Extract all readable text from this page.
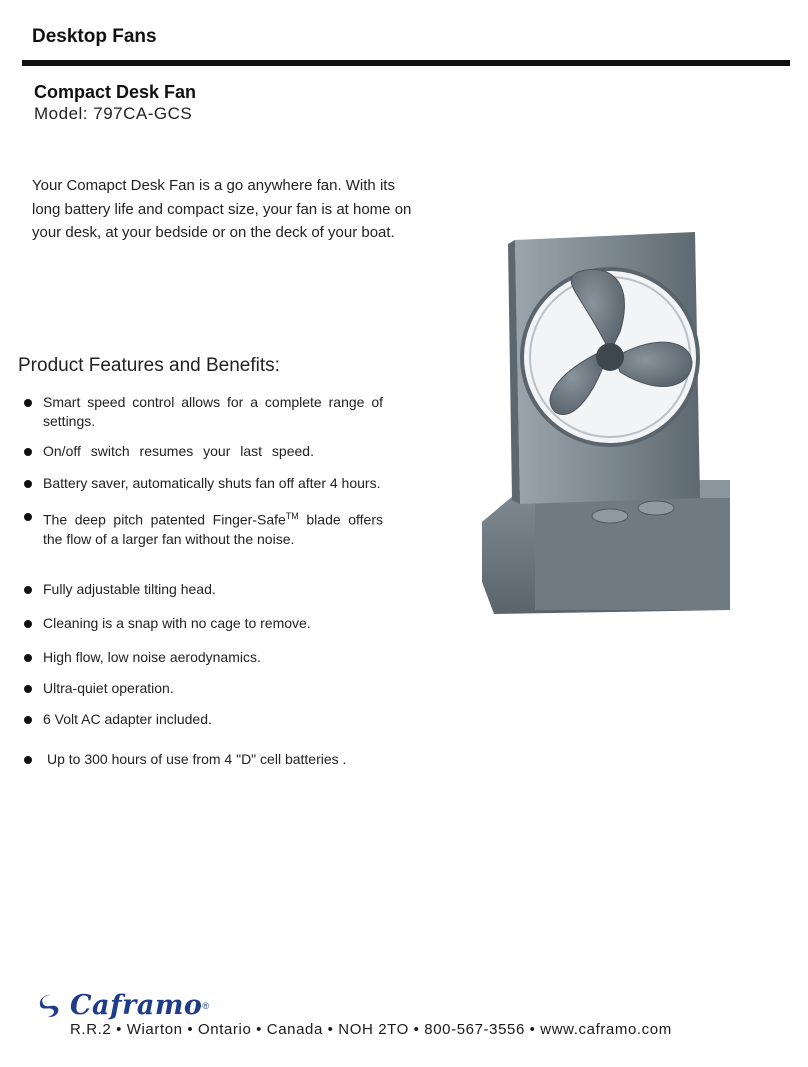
Desktop Fans
Compact Desk Fan
Model: 797CA-GCS
Your Comapct Desk Fan is a go anywhere fan. With its long battery life and compact size, your fan is at home on your desk, at your bedside or on the deck of your boat.
Product Features and Benefits:
Smart speed control allows for a complete range of settings.
On/off switch resumes your last speed.
Battery saver, automatically shuts fan off after 4 hours.
The deep pitch patented Finger-Safe™ blade offers the flow of a larger fan without the noise.
Fully adjustable tilting head.
Cleaning is a snap with no cage to remove.
High flow, low noise aerodynamics.
Ultra-quiet operation.
6 Volt AC adapter included.
Up to 300 hours of use from 4 "D" cell batteries .
Caframo ®
R.R.2 • Wiarton • Ontario • Canada • NOH 2TO • 800-567-3556 • www.caframo.com
